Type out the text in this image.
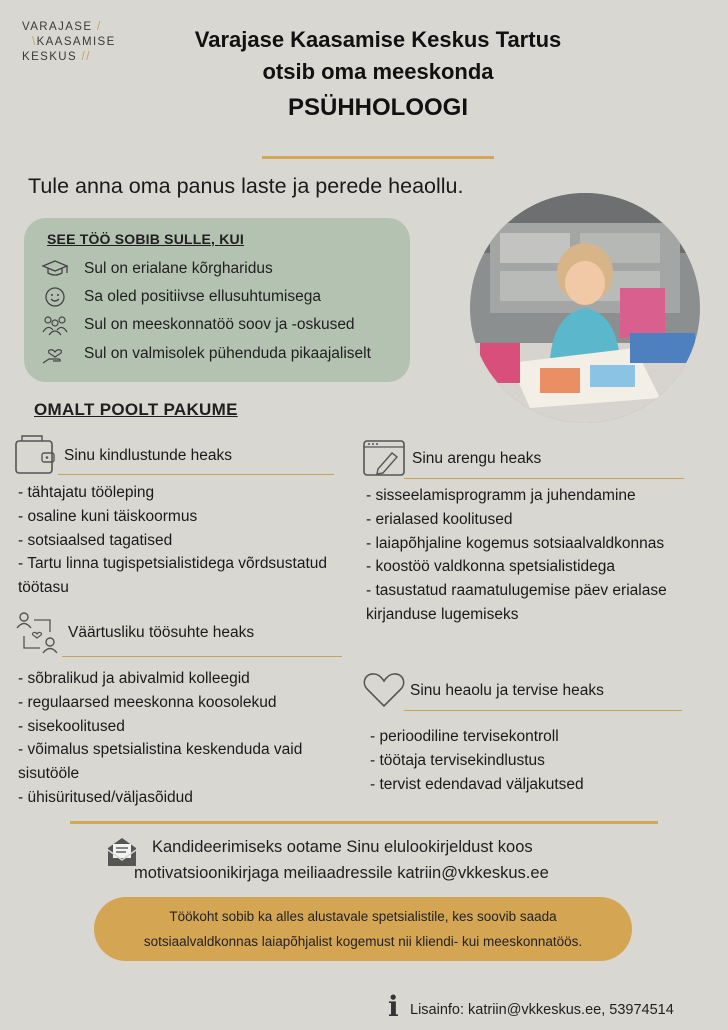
VARAJASE /
\KAASAMISE
KESKUS //
Varajase Kaasamise Keskus Tartus
otsib oma meeskonda
PSÜHHOLOOGI
Tule anna oma panus laste ja perede heaollu.
SEE TÖÖ SOBIB SULLE, KUI
Sul on erialane kõrgharidus
Sa oled positiivse ellusuhtumisega
Sul on meeskonnatöö soov ja -oskused
Sul on valmisolek pühenduda pikaajaliselt
OMALT POOLT PAKUME
Sinu kindlustunde heaks
- tähtajatu tööleping
- osaline kuni täiskoormus
- sotsiaalsed tagatised
- Tartu linna tugispetsialistidega võrdsustatud töötasu
Väärtusliku töösuhte heaks
- sõbralikud ja abivalmid kolleegid
- regulaarsed meeskonna koosolekud
- sisekoolitused
- võimalus spetsialistina keskenduda vaid sisutööle
- ühisüritused/väljasõidud
Sinu arengu heaks
- sisseelamisprogramm ja juhendamine
- erialased koolitused
- laiapõhjaline kogemus sotsiaalvaldkonnas
- koostöö valdkonna spetsialistidega
- tasustatud raamatulugemise päev erialase kirjanduse lugemiseks
Sinu heaolu ja tervise heaks
- perioodiline tervisekontroll
- töötaja tervisekindlustus
- tervist edendavad väljakutsed
Kandideerimiseks ootame Sinu elulookirjeldust koos
motivatsioonikirjaga meiliaadressile katriin@vkkeskus.ee
Töökoht sobib ka alles alustavale spetsialistile, kes soovib saada
sotsiaalvaldkonnas laiapõhjalist kogemust nii kliendi- kui meeskonnatöös.
i Lisainfo: katriin@vkkeskus.ee, 53974514
